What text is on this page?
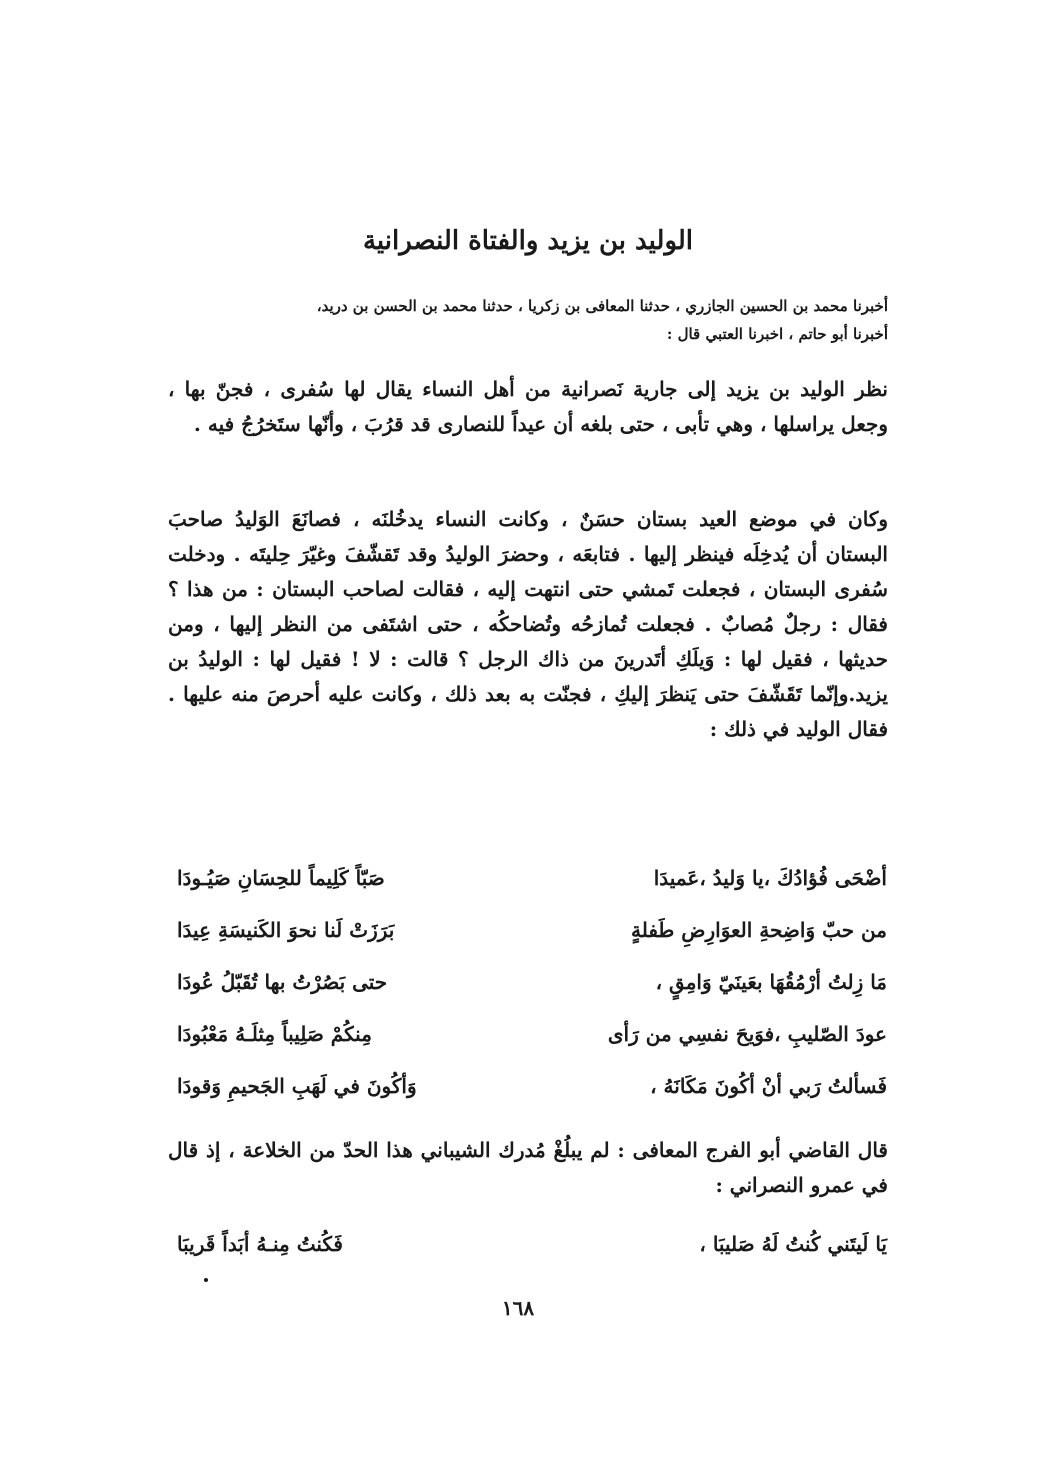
الوليد بن يزيد والفتاة النصرانية
أخبرنا محمد بن الحسين الجازري ، حدثنا المعافى بن زكريا ، حدثنا محمد بن الحسن بن دريد،
أخبرنا أبو حاتم ، اخبرنا العتبي قال :

نظر الوليد بن يزيد إلى جارية نَصرانية من أهل النساء يقال لها سُفرى ، فجنّ بها ، وجعل يراسلها ، وهي تأبى ، حتى بلغه أن عيداً للنصارى قد قرُبَ ، وأنّها ستَخرُجُ فيه .

وكان في موضع العيد بستان حسَنٌ ، وكانت النساء يدخُلنَه ، فصانَعَ الوَليدُ صاحبَ البستان أن يُدخِلَه فينظر إليها . فتابعَه ، وحضرَ الوليدُ وقد تَقشّفَ وغيّرَ حِليتَه . ودخلت سُفرى البستان ، فجعلت تَمشي حتى انتهت إليه ، فقالت لصاحب البستان : من هذا ؟ فقال : رجلٌ مُصابٌ . فجعلت تُمازحُه وتُضاحكُه ، حتى اشتَفى من النظر إليها ، ومن حديثها ، فقيل لها : وَيلَكِ أتَدرينَ من ذاك الرجل ؟ قالت : لا ! فقيل لها : الوليدُ بن يزيد.وإنّما تَقَشّفَ حتى يَنظرَ إليكِ ، فجنّت به بعد ذلك ، وكانت عليه أحرصَ منه عليها . فقال الوليد في ذلك :

أضْحَى فُؤادُكَ ،يا وَليدُ ،عَميدَا
صَبّاً كَلِيماً للحِسَانِ صَيُـودَا
من حبّ وَاضِحةِ العوَارِضِ طَفلةٍ
بَرَزَتْ لَنا نحوَ الكَنيسَةِ عِيدَا
مَا زِلتُ أرْمُقُهَا بعَينَيّ وَامِقٍ ،
حتى بَصُرْتُ بها تُقَبّلُ عُودَا
عودَ الصّليبِ ،فوَيحَ نفسِي من رَأى
مِنكُمْ صَلِيباً مِثلَـهُ مَعْبُودَا
فَسألتُ رَبي أنْ أكُونَ مَكَانَهُ ،
وَأكُونَ في لَهَبِ الجَحيمِ وَقودَا

قال القاضي أبو الفرج المعافى : لم يبلُغْ مُدرك الشيباني هذا الحدّ من الخلاعة ، إذ قال في عمرو النصراني :

يَا لَيتَني كُنتُ لَهُ صَليبَا ،
فَكُنتُ مِنـهُ أبَداً قَريبَا
١٦٨
